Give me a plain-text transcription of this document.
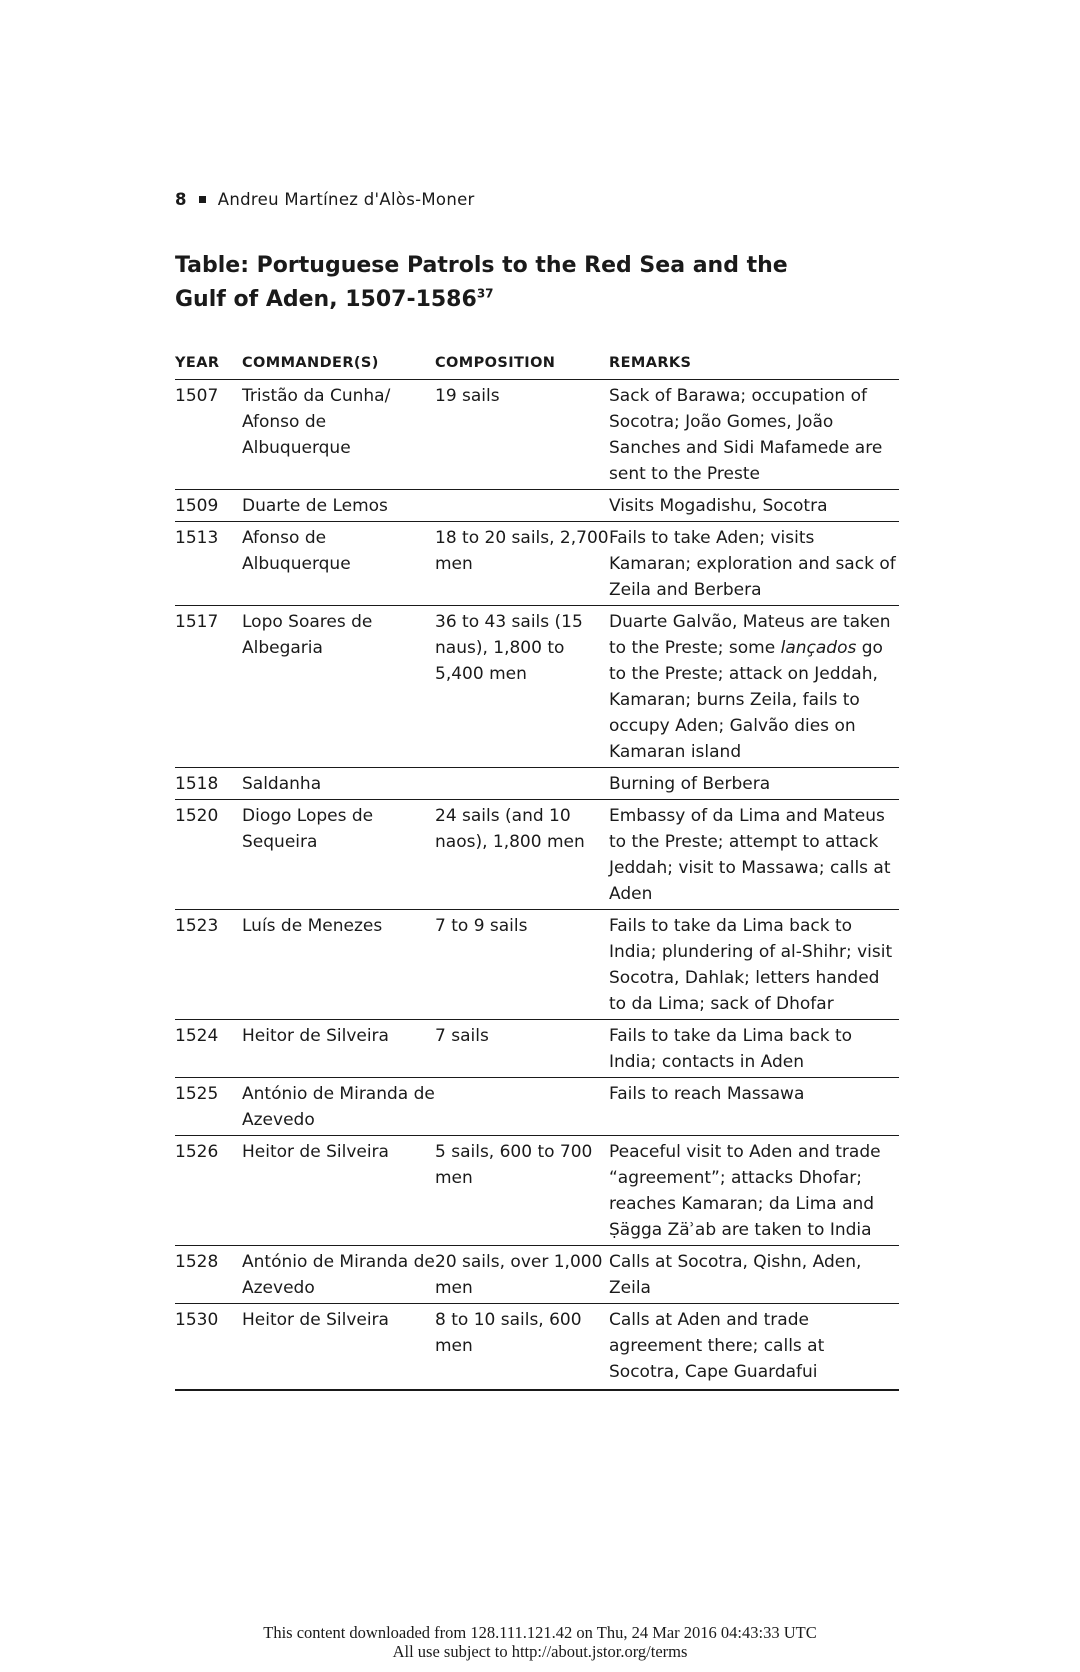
8 Andreu Martínez d'Alòs-Moner
Table: Portuguese Patrols to the Red Sea and the Gulf of Aden, 1507-1586$^{37}$
YEAR	COMMANDER(S)	COMPOSITION	REMARKS
1507	Tristão da Cunha/ Afonso de Albuquerque	19 sails	Sack of Barawa; occupation of Socotra; João Gomes, João Sanches and Sidi Mafamede are sent to the Preste
1509	Duarte de Lemos		Visits Mogadishu, Socotra
1513	Afonso de Albuquerque	18 to 20 sails, 2,700 men	Fails to take Aden; visits Kamaran; exploration and sack of Zeila and Berbera
1517	Lopo Soares de Albegaria	36 to 43 sails (15 naus), 1,800 to 5,400 men	Duarte Galvão, Mateus are taken to the Preste; some lançados go to the Preste; attack on Jeddah, Kamaran; burns Zeila, fails to occupy Aden; Galvão dies on Kamaran island
1518	Saldanha		Burning of Berbera
1520	Diogo Lopes de Sequeira	24 sails (and 10 naos), 1,800 men	Embassy of da Lima and Mateus to the Preste; attempt to attack Jeddah; visit to Massawa; calls at Aden
1523	Luís de Menezes	7 to 9 sails	Fails to take da Lima back to India; plundering of al-Shihr; visit Socotra, Dahlak; letters handed to da Lima; sack of Dhofar
1524	Heitor de Silveira	7 sails	Fails to take da Lima back to India; contacts in Aden
1525	António de Miranda de Azevedo		Fails to reach Massawa
1526	Heitor de Silveira	5 sails, 600 to 700 men	Peaceful visit to Aden and trade “agreement”; attacks Dhofar; reaches Kamaran; da Lima and Ṣägga Zäʾab are taken to India
1528	António de Miranda de Azevedo	20 sails, over 1,000 men	Calls at Socotra, Qishn, Aden, Zeila
1530	Heitor de Silveira	8 to 10 sails, 600 men	Calls at Aden and trade agreement there; calls at Socotra, Cape Guardafui
This content downloaded from 128.111.121.42 on Thu, 24 Mar 2016 04:43:33 UTC
All use subject to http://about.jstor.org/terms
